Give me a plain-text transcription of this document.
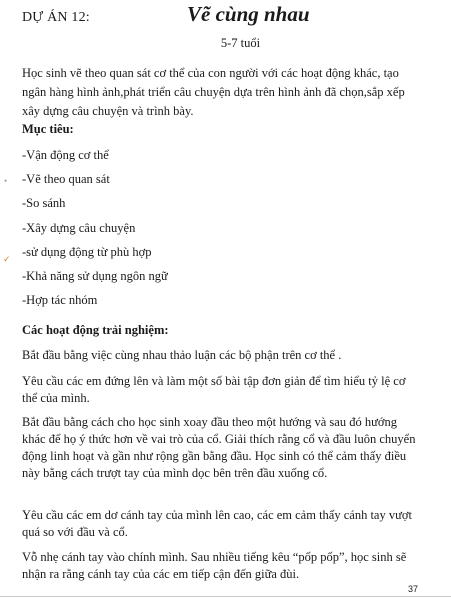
DỰ ÁN 12:	Vẽ cùng nhau
5-7 tuổi
Học sinh vẽ theo quan sát cơ thể của con người với các hoạt động khác, tạo ngân hàng hình ảnh,phát triển câu chuyện dựa trên hình ảnh đã chọn,sắp xếp xây dựng câu chuyện và trình bày.
Mục tiêu:
-Vận động cơ thể
-Vẽ theo quan sát
-So sánh
-Xây dựng câu chuyện
-sử dụng động từ phù hợp
-Khả năng sử dụng ngôn ngữ
-Hợp tác nhóm
Các hoạt động trải nghiệm:

Bắt đầu bằng việc cùng nhau thảo luận các bộ phận trên cơ thể .

Yêu cầu các em đứng lên và làm một số bài tập đơn giản để tìm hiểu tỷ lệ cơ thể của mình.

Bắt đầu bằng cách cho học sinh xoay đầu theo một hướng và sau đó hướng khác để họ ý thức hơn về vai trò của cổ. Giải thích rằng cổ và đầu luôn chuyển động linh hoạt và gần như rộng gần bằng đầu. Học sinh có thể cảm thấy điều này bằng cách trượt tay của mình dọc bên trên đầu xuống cổ.

Yêu cầu các em dơ cánh tay của mình lên cao, các em cảm thấy cánh tay vượt quá so với đầu và cổ.

Vỗ nhẹ cánh tay vào chính mình. Sau nhiều tiếng kêu “pốp pốp”, học sinh sẽ nhận ra rằng cánh tay của các em tiếp cận đến giữa đùi.

•
✓
37
